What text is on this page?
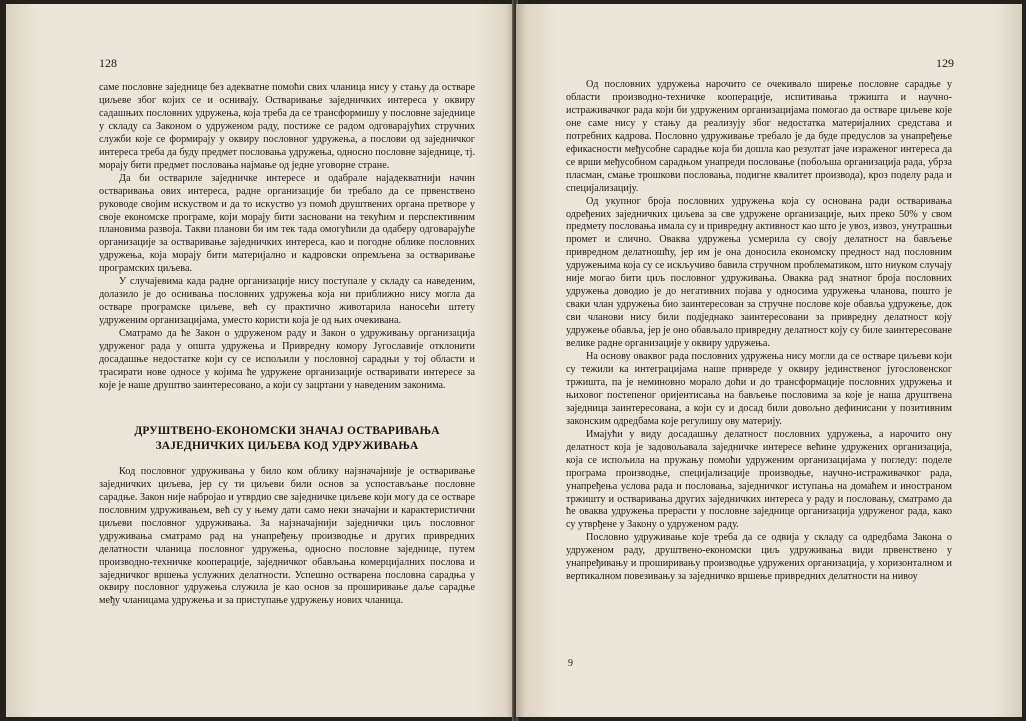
128

саме пословне заједнице без адекватне помоћи свих чланица нису у стању да остваре циљеве због којих се и оснивају. Остваривање заједничких интереса у оквиру садашњих пословних удружења, која треба да се трансформишу у пословне заједнице у складу са Законом о удруженом раду, постиже се радом одговарајућих стручних служби које се формирају у оквиру пословног удружења, а послови од заједничког интереса треба да буду предмет пословања удружења, односно пословне заједнице, тј. морају бити предмет пословања најмање од једне уговорне стране.

Да би оствариле заједничке интересе и одабрале најадекватнији начин остваривања ових интереса, радне организације би требало да се првенствено руководе својим искуством и да то искуство уз помоћ друштвених органа претворе у своје економске програме, који морају бити засновани на текућим и перспективним плановима развоја. Такви планови би им тек тада омогућили да одаберу одговарајуће организације за остваривање заједничких интереса, као и погодне облике пословних удружења, која морају бити материјално и кадровски опремљена за остваривање програмских циљева.

У случајевима када радне организације нису поступале у складу са наведеним, долазило је до оснивања пословних удружења која ни приближно нису могла да остваре програмске циљеве, већ су практично животарила наносећи штету удруженим организацијама, уместо користи која је од њих очекивана.

Сматрамо да ће Закон о удруженом раду и Закон о удруживању организација удруженог рада у општа удружења и Привредну комору Југославије отклонити досадашње недостатке који су се испољили у пословној сарадњи у тој области и трасирати нове односе у којима ће удружене организације остваривати интересе за које је наше друштво заинтересовано, а који су зацртани у наведеним законима.

ДРУШТВЕНО-ЕКОНОМСКИ ЗНАЧАЈ ОСТВАРИВАЊА
ЗАЈЕДНИЧКИХ ЦИЉЕВА КОД УДРУЖИВАЊА

Код пословног удруживања у било ком облику најзначајније је остваривање заједничких циљева, јер су ти циљеви били основ за успостављање пословне сарадње. Закон није набројао и утврдио све заједничке циљеве који могу да се остваре пословним удруживањем, већ су у њему дати само неки значајни и карактеристични циљеви пословног удруживања. За најзначајнији заједнички циљ пословног удруживања сматрамо рад на унапређењу производње и других привредних делатности чланица пословног удружења, односно пословне заједнице, путем производно-техничке кооперације, заједничког обављања комерцијалних послова и заједничког вршења услужних делатности. Успешно остварена пословна сарадња у оквиру пословног удружења служила је као основ за проширивање даље сарадње међу чланицама удружења и за приступање удружењу нових чланица.

129

Од пословних удружења нарочито се очекивало ширење пословне сарадње у области производно-техничке кооперације, испитивања тржишта и научно-истраживачког рада који би удруженим организацијама помогао да остваре циљеве које оне саме нису у стању да реализују због недостатка материјалних средстава и потребних кадрова. Пословно удруживање требало је да буде предуслов за унапређење ефикасности међусобне сарадње која би дошла као резултат јаче израженог интереса да се врши међусобном сарадњом унапреди пословање (побољша организација рада, убрза пласман, смање трошкови пословања, подигне квалитет производа), кроз поделу рада и специјализацију.

Од укупног броја пословних удружења која су основана ради остваривања одређених заједничких циљева за све удружене организације, њих преко 50% у свом предмету пословања имала су и привредну активност као што је увоз, извоз, унутрашњи промет и слично. Оваква удружења усмерила су своју делатност на бављење привредном делатношћу, јер им је она доносила економску предност над пословним удружењима која су се искључиво бавила стручном проблематиком, што ниуком случају није могао бити циљ пословног удруживања. Оваква рад знатног броја пословних удружења доводио је до негативних појава у односима удружења чланова, пошто је сваки члан удружења био заинтересован за стручне послове које обавља удружење, док сви чланови нису били подједнако заинтересовани за привредну делатност коју удружење обавља, јер је оно обављало привредну делатност коју су биле заинтересоване велике радне организације у оквиру удружења.

На основу оваквог рада пословних удружења нису могли да се остваре циљеви који су тежили ка интеграцијама наше привреде у оквиру јединственог југословенског тржишта, па је неминовно морало доћи и до трансформације пословних удружења и њиховог постепеног оријентисања на бављење пословима за које је наша друштвена заједница заинтересована, а који су и досад били довољно дефинисани у позитивним законским одредбама које регулишу ову материју.

Имајући у виду досадашњу делатност пословних удружења, а нарочито ону делатност која је задовољавала заједничке интересе већине удружених организација, која се испољила на пружању помоћи удруженим организацијама у погледу: поделе програма производње, специјализације производње, научно-истраживачког рада, унапређења услова рада и пословања, заједничког иступања на домаћем и иностраном тржишту и остваривања других заједничких интереса у раду и пословању, сматрамо да ће оваква удружења прерасти у пословне заједнице организација удруженог рада, како су утврђене у Закону о удруженом раду.

Пословно удруживање које треба да се одвија у складу са одредбама Закона о удруженом раду, друштвено-економски циљ удруживања види првенствено у унапређивању и проширивању производње удружених организација, у хоризонталном и вертикалном повезивању за заједничко вршење привредних делатности на нивоу

9
